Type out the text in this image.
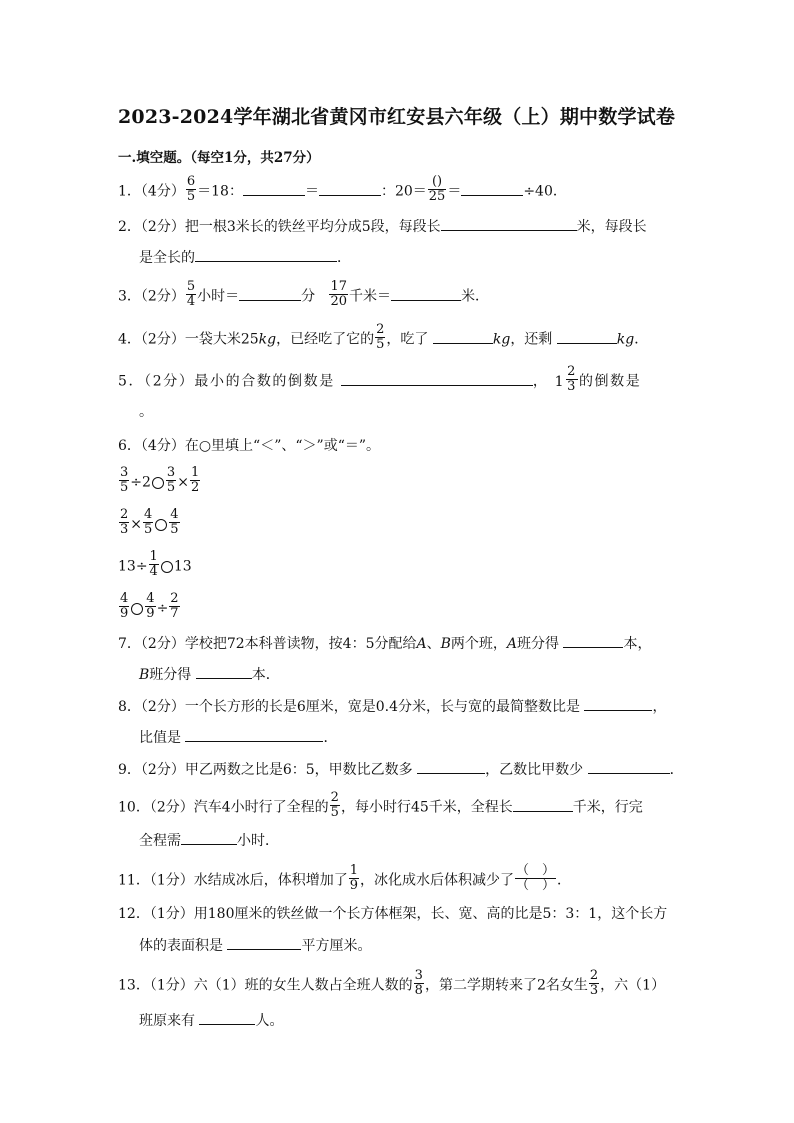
2023-2024学年湖北省黄冈市红安县六年级（上）期中数学试卷
一.填空题。（每空1分，共27分）
1．（4分） $\frac{6}{5} =18$：	＝	：$20= \frac{()}{25}$ ＝	÷40．
2．（2分）把一根3米长的铁丝平均分成5段，每段长	米，每段长
是全长的	．
3．（2分） $\frac{5}{4}$ 小时＝	分 $\frac{17}{20}$ 千米＝	米．
4．（2分）一袋大米25kg，已经吃了它的 $\frac{2}{5}$ ，吃了	kg，还剩	kg．
5．（2分）最小的合数的倒数是	， $1 \frac{2}{3}$ 的倒数是
。
6．（4分）在○里填上“＜”、“＞”或“＝”。
$\frac{3}{5} \div 2 \frac{3}{5} \times \frac{1}{2}$
$\frac{2}{3} \times \frac{4}{5} \frac{4}{5}$
$13\div \frac{1}{4} 13$
$\frac{4}{9} \frac{4}{9} \div \frac{2}{7}$
7．（2分）学校把72本科普读物，按4：5分配给A、B两个班，A班分得	本，
B班分得	本．
8．（2分）一个长方形的长是6厘米，宽是0.4分米，长与宽的最简整数比是	，
比值是	．
9．（2分）甲乙两数之比是6：5，甲数比乙数多	，乙数比甲数少	．
10．（2分）汽车4小时行了全程的 $\frac{2}{5}$ ，每小时行45千米，全程长	千米，行完
全程需	小时．
11．（1分）水结成冰后，体积增加了 $\frac{1}{9}$ ，冰化成水后体积减少了 $\frac{( )}{( )}$ ．
12．（1分）用180厘米的铁丝做一个长方体框架，长、宽、高的比是5：3：1，这个长方
体的表面积是	平方厘米。
13．（1分）六（1）班的女生人数占全班人数的 $\frac{3}{8}$ ，第二学期转来了2名女生 $\frac{2}{3}$ ，六（1）
班原来有	人。
